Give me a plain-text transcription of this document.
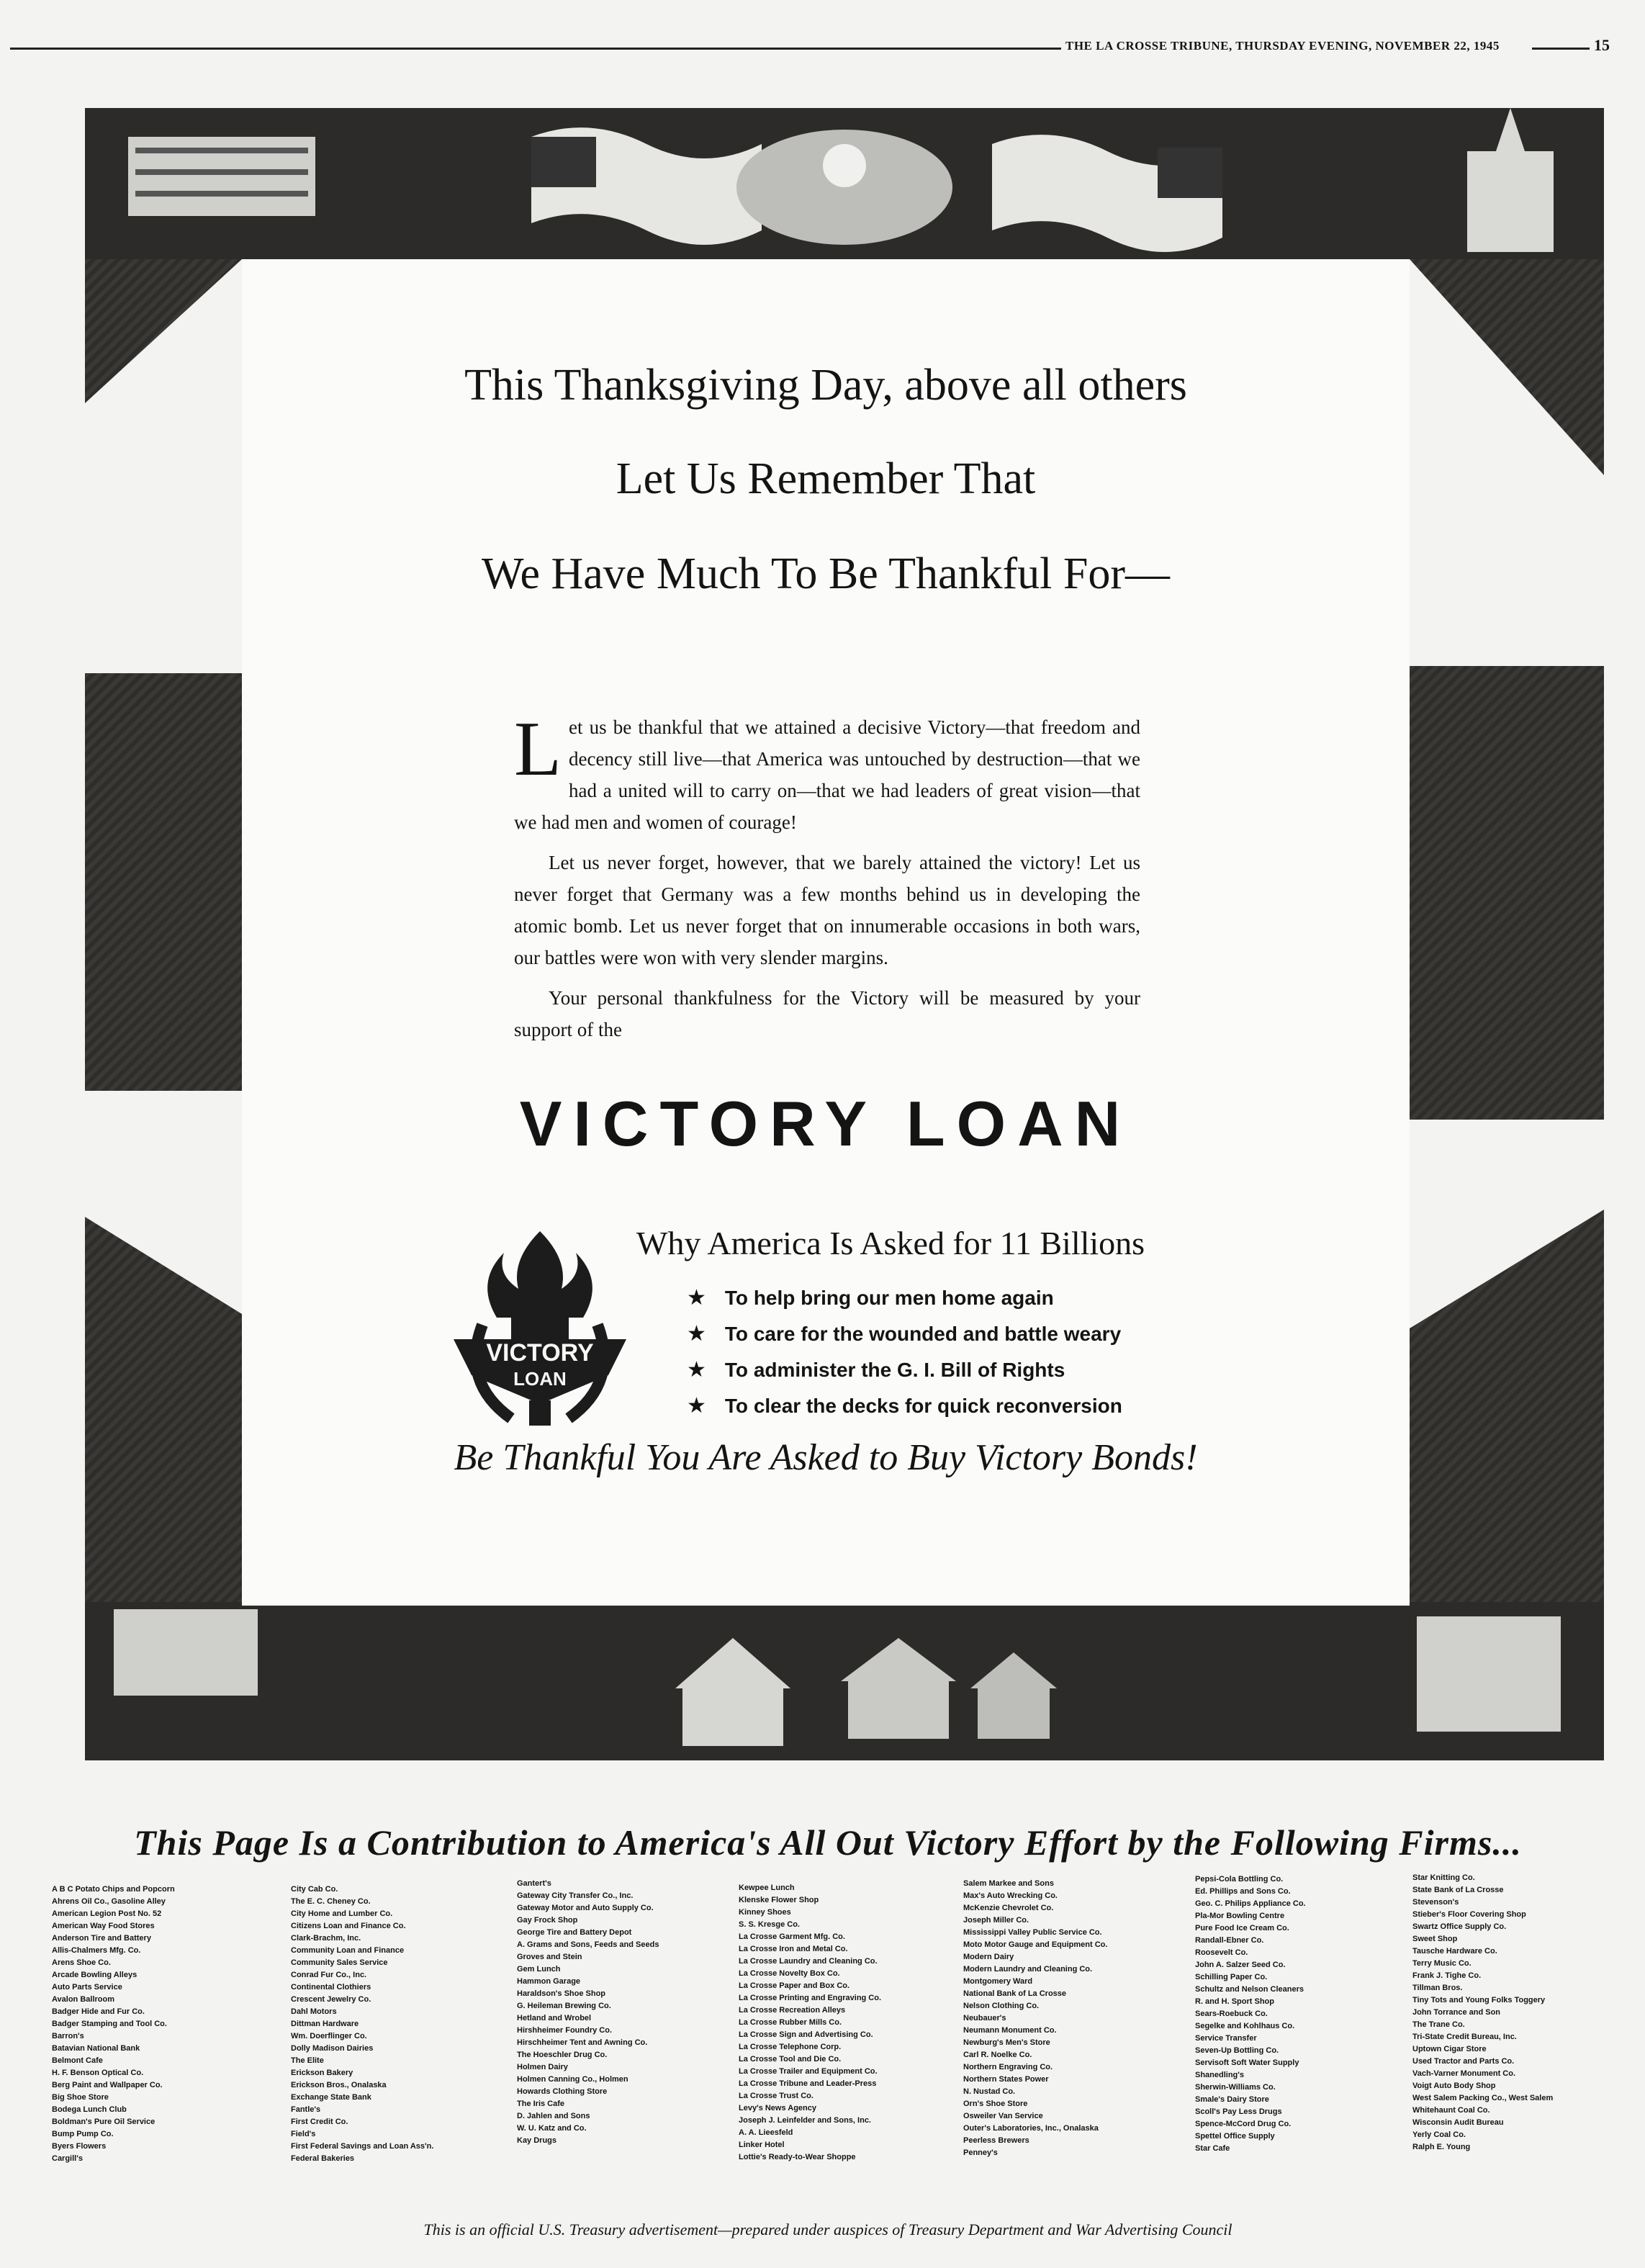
THE LA CROSSE TRIBUNE, THURSDAY EVENING, NOVEMBER 22, 1945	15
This Thanksgiving Day, above all others
Let Us Remember That
We Have Much To Be Thankful For—

Let us be thankful that we attained a decisive Victory—that freedom and decency still live—that America was untouched by destruction—that we had a united will to carry on—that we had leaders of great vision—that we had men and women of courage!

Let us never forget, however, that we barely attained the victory! Let us never forget that Germany was a few months behind us in developing the atomic bomb. Let us never forget that on innumerable occasions in both wars, our battles were won with very slender margins.

Your personal thankfulness for the Victory will be measured by your support of the

VICTORY LOAN
VICTORY
LOAN
Why America Is Asked for 11 Billions
★ To help bring our men home again
★ To care for the wounded and battle weary
★ To administer the G. I. Bill of Rights
★ To clear the decks for quick reconversion
Be Thankful You Are Asked to Buy Victory Bonds!
This Page Is a Contribution to America's All Out Victory Effort by the Following Firms...
A B C Potato Chips and Popcorn
Ahrens Oil Co., Gasoline Alley
American Legion Post No. 52
American Way Food Stores
Anderson Tire and Battery
Allis-Chalmers Mfg. Co.
Arens Shoe Co.
Arcade Bowling Alleys
Auto Parts Service
Avalon Ballroom
Badger Hide and Fur Co.
Badger Stamping and Tool Co.
Barron's
Batavian National Bank
Belmont Cafe
H. F. Benson Optical Co.
Berg Paint and Wallpaper Co.
Big Shoe Store
Bodega Lunch Club
Boldman's Pure Oil Service
Bump Pump Co.
Byers Flowers
Cargill's
City Cab Co.
The E. C. Cheney Co.
City Home and Lumber Co.
Citizens Loan and Finance Co.
Clark-Brachm, Inc.
Community Loan and Finance
Community Sales Service
Conrad Fur Co., Inc.
Continental Clothiers
Crescent Jewelry Co.
Dahl Motors
Dittman Hardware
Wm. Doerflinger Co.
Dolly Madison Dairies
The Elite
Erickson Bakery
Erickson Bros., Onalaska
Exchange State Bank
Fantle's
First Credit Co.
Field's
First Federal Savings and Loan Ass'n.
Federal Bakeries
Gantert's
Gateway City Transfer Co., Inc.
Gateway Motor and Auto Supply Co.
Gay Frock Shop
George Tire and Battery Depot
A. Grams and Sons, Feeds and Seeds
Groves and Stein
Gem Lunch
Hammon Garage
Haraldson's Shoe Shop
G. Heileman Brewing Co.
Hetland and Wrobel
Hirshheimer Foundry Co.
Hirschheimer Tent and Awning Co.
The Hoeschler Drug Co.
Holmen Dairy
Holmen Canning Co., Holmen
Howards Clothing Store
The Iris Cafe
D. Jahlen and Sons
W. U. Katz and Co.
Kay Drugs
Kewpee Lunch
Klenske Flower Shop
Kinney Shoes
S. S. Kresge Co.
La Crosse Garment Mfg. Co.
La Crosse Iron and Metal Co.
La Crosse Laundry and Cleaning Co.
La Crosse Novelty Box Co.
La Crosse Paper and Box Co.
La Crosse Printing and Engraving Co.
La Crosse Recreation Alleys
La Crosse Rubber Mills Co.
La Crosse Sign and Advertising Co.
La Crosse Telephone Corp.
La Crosse Tool and Die Co.
La Crosse Trailer and Equipment Co.
La Crosse Tribune and Leader-Press
La Crosse Trust Co.
Levy's News Agency
Joseph J. Leinfelder and Sons, Inc.
A. A. Lieesfeld
Linker Hotel
Lottie's Ready-to-Wear Shoppe
Salem Markee and Sons
Max's Auto Wrecking Co.
McKenzie Chevrolet Co.
Joseph Miller Co.
Mississippi Valley Public Service Co.
Moto Motor Gauge and Equipment Co.
Modern Dairy
Modern Laundry and Cleaning Co.
Montgomery Ward
National Bank of La Crosse
Nelson Clothing Co.
Neubauer's
Neumann Monument Co.
Newburg's Men's Store
Carl R. Noelke Co.
Northern Engraving Co.
Northern States Power
N. Nustad Co.
Orn's Shoe Store
Osweiler Van Service
Outer's Laboratories, Inc., Onalaska
Peerless Brewers
Penney's
Pepsi-Cola Bottling Co.
Ed. Phillips and Sons Co.
Geo. C. Philips Appliance Co.
Pla-Mor Bowling Centre
Pure Food Ice Cream Co.
Randall-Ebner Co.
Roosevelt Co.
John A. Salzer Seed Co.
Schilling Paper Co.
Schultz and Nelson Cleaners
R. and H. Sport Shop
Sears-Roebuck Co.
Segelke and Kohlhaus Co.
Service Transfer
Seven-Up Bottling Co.
Servisoft Soft Water Supply
Shanedling's
Sherwin-Williams Co.
Smale's Dairy Store
Scoll's Pay Less Drugs
Spence-McCord Drug Co.
Spettel Office Supply
Star Cafe
Star Knitting Co.
State Bank of La Crosse
Stevenson's
Stieber's Floor Covering Shop
Swartz Office Supply Co.
Sweet Shop
Tausche Hardware Co.
Terry Music Co.
Frank J. Tighe Co.
Tillman Bros.
Tiny Tots and Young Folks Toggery
John Torrance and Son
The Trane Co.
Tri-State Credit Bureau, Inc.
Uptown Cigar Store
Used Tractor and Parts Co.
Vach-Varner Monument Co.
Voigt Auto Body Shop
West Salem Packing Co., West Salem
Whitehaunt Coal Co.
Wisconsin Audit Bureau
Yerly Coal Co.
Ralph E. Young
This is an official U.S. Treasury advertisement—prepared under auspices of Treasury Department and War Advertising Council
